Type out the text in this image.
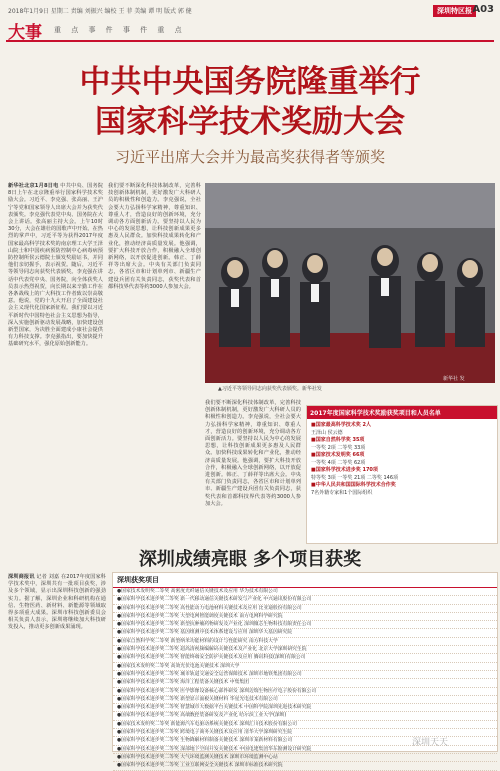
2018年1月9日 星期二 责编 刘振兴 编校 王 菲 美编 谭 明 版式 郭 健	深圳特区报 A03
大事 重 点 事 件 事 件 重 点
中共中央国务院隆重举行
国家科学技术奖励大会
习近平出席大会并为最高奖获得者等颁奖

新华社北京1月8日电 中共中央、国务院8日上午在北京隆重举行国家科学技术奖励大会。习近平、李克强、张高丽、王沪宁等党和国家领导人出席大会并为获奖代表颁奖。李克强代表党中央、国务院在大会上讲话。张高丽主持大会。上午10时30分，大会在雄壮的国歌声中开始。在热烈的掌声中，习近平等为获得2017年度国家最高科学技术奖的南京理工大学王泽山院士和中国疾病预防控制中心病毒病预防控制所侯云德院士颁发奖励证书，并同他们亲切握手，表示祝贺。随后，习近平等领导同志向获奖代表颁奖。李克强在讲话中代表党中央、国务院，向全体获奖人员表示热烈祝贺，向长期以来辛勤工作在各条战线上的广大科技工作者致以崇高敬意。他说，党的十九大开启了全面建设社会主义现代化国家新征程。我们要以习近平新时代中国特色社会主义思想为指导，深入实施创新驱动发展战略，加快建设创新型国家，为决胜全面建成小康社会提供有力科技支撑。李克强指出，要加快提升基础研究水平，强化原始创新能力。

我们要不断深化科技体制改革，完善科技创新体制机制，更好激发广大科研人员的积极性和创造力。李克强说，全社会要大力弘扬科学家精神，尊重知识、尊重人才，营造良好的创新环境，充分调动各方面创新活力。要坚持以人民为中心的发展思想，让科技创新成果更多惠及人民群众。加快科技成果转化和产业化，推动经济高质量发展。他强调，要扩大科技开放合作，积极融入全球创新网络，以开放促进创新。韩正、丁薛祥等出席大会。中央有关部门负责同志，各省区市和计划单列市、新疆生产建设兵团有关负责同志，获奖代表和首都科技界代表等约3000人参加大会。

我们要不断深化科技体制改革，完善科技创新体制机制，更好激发广大科研人员的积极性和创造力。李克强说，全社会要大力弘扬科学家精神，尊重知识、尊重人才，营造良好的创新环境，充分调动各方面创新活力。要坚持以人民为中心的发展思想，让科技创新成果更多惠及人民群众。加快科技成果转化和产业化，推动经济高质量发展。他强调，要扩大科技开放合作，积极融入全球创新网络，以开放促进创新。韩正、丁薛祥等出席大会。中央有关部门负责同志，各省区市和计划单列市、新疆生产建设兵团有关负责同志，获奖代表和首都科技界代表等约3000人参加大会。

新华社 发
▲习近平等领导同志向获奖代表颁奖。新华社发
2017年度国家科学技术奖励获奖项目和人员名单
■国家最高科学技术奖 2人
王泽山 侯云德
■国家自然科学奖 35项
一等奖 2项 二等奖 33项
■国家技术发明奖 66项
一等奖 4项 二等奖 62项
■国家科学技术进步奖 170项
特等奖 3项 一等奖 21项 二等奖 146项
■中华人民共和国国际科学技术合作奖
7名外籍专家和1个国际组织
深圳成绩亮眼 多个项目获奖

深圳商报讯 记者 刘嘉 在2017年度国家科学技术奖中，深圳共有一批项目获奖，涉及多个领域，显示出深圳科技创新的强劲实力。据了解，深圳企业和科研机构在通信、生物医药、新材料、新能源等领域取得多项重大成果。深圳市科技创新委员会相关负责人表示，深圳将继续加大科技研发投入，推动更多创新成果涌现。

深圳获奖项目
●国家技术发明奖二等奖 高密度光纤通信关键技术及应用 华为技术有限公司
●国家科学技术进步奖二等奖 新一代移动通信关键技术研发与产业化 中兴通讯股份有限公司
●国家科学技术进步奖二等奖 高性能动力电池材料关键技术及应用 比亚迪股份有限公司
●国家科学技术进步奖二等奖 大型电网智能调度关键技术 南方电网科学研究院
●国家科学技术进步奖二等奖 新型抗肿瘤药物研发及产业化 深圳微芯生物科技有限责任公司
●国家科学技术进步奖二等奖 基因组测序技术体系建设与应用 深圳华大基因研究院
●国家自然科学奖二等奖 新型纳米功能材料的设计与性能研究 南方科技大学
●国家科学技术进步奖二等奖 超高清视频编解码关键技术及产业化 北京大学深圳研究生院
●国家科学技术进步奖二等奖 智能终端安全防护关键技术及应用 腾讯科技(深圳)有限公司
●国家技术发明奖二等奖 高效光伏电池关键技术 深圳大学
●国家科学技术进步奖二等奖 城市轨道交通安全运营保障技术 深圳市地铁集团有限公司
●国家科学技术进步奖二等奖 海洋工程装备关键技术 中集集团
●国家科学技术进步奖二等奖 医学影像设备核心部件研发 深圳迈瑞生物医疗电子股份有限公司
●国家科学技术进步奖二等奖 新型显示面板关键材料 华星光电技术有限公司
●国家科学技术进步奖二等奖 智慧城市大数据平台关键技术 中国科学院深圳先进技术研究院
●国家科学技术进步奖二等奖 高端数控装备研发及产业化 哈尔滨工业大学(深圳)
●国家技术发明奖二等奖 新能源汽车电驱动系统关键技术 深圳汇川技术股份有限公司
●国家科学技术进步奖二等奖 跨境电子商务关键技术及应用 清华大学深圳研究生院
●国家科学技术进步奖二等奖 生物降解材料制备关键技术 深圳市某新材料有限公司
●国家科学技术进步奖二等奖 深部地下空间开发关键技术 中国电建集团华东勘测设计研究院
●国家科学技术进步奖二等奖 大气环境监测关键技术 深圳市环境监测中心站
●国家科学技术进步奖二等奖 工业互联网安全关键技术 深圳市标准技术研究院
深圳天天
